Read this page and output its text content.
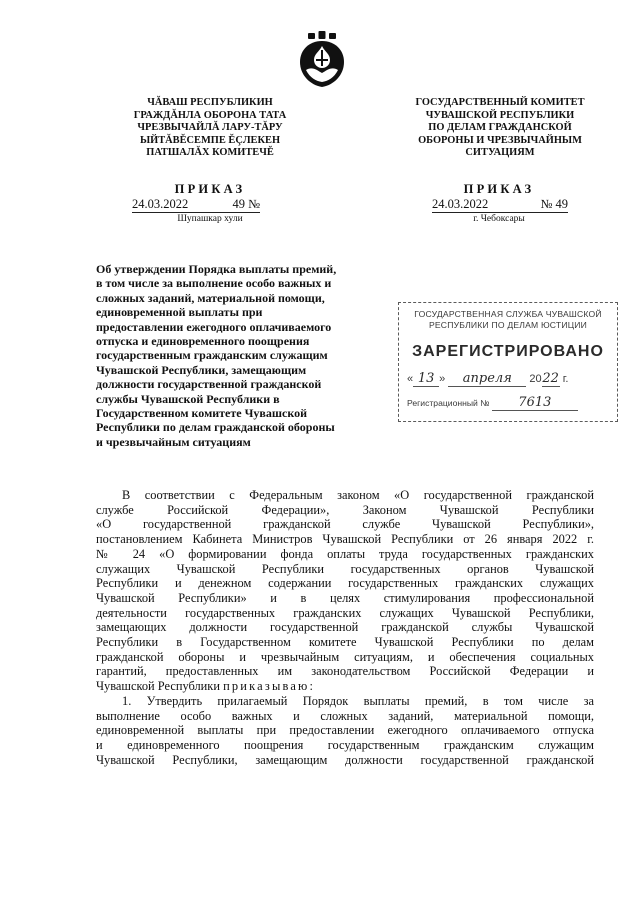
ЧĂВАШ РЕСПУБЛИКИН
ГРАЖДĂНЛА ОБОРОНА ТАТА
ЧРЕЗВЫЧАЙЛĂ ЛАРУ-ТĂРУ
ЫЙТĂВĔСЕМПЕ ĔÇЛЕКЕН
ПАТШАЛĂХ КОМИТЕЧĔ
ГОСУДАРСТВЕННЫЙ КОМИТЕТ
ЧУВАШСКОЙ РЕСПУБЛИКИ
ПО ДЕЛАМ ГРАЖДАНСКОЙ
ОБОРОНЫ И ЧРЕЗВЫЧАЙНЫМ
СИТУАЦИЯМ
ПРИКАЗ
24.03.2022	49 №
Шупашкар хули
ПРИКАЗ
24.03.2022	№ 49
г. Чебоксары
Об утверждении Порядка выплаты премий,
в том числе за выполнение особо важных и
сложных заданий, материальной помощи,
единовременной выплаты при
предоставлении ежегодного оплачиваемого
отпуска и единовременного поощрения
государственным гражданским служащим
Чувашской Республики, замещающим
должности государственной гражданской
службы Чувашской Республики в
Государственном комитете Чувашской
Республики по делам гражданской обороны
и чрезвычайным ситуациям
ГОСУДАРСТВЕННАЯ СЛУЖБА ЧУВАШСКОЙ
РЕСПУБЛИКИ ПО ДЕЛАМ ЮСТИЦИИ
ЗАРЕГИСТРИРОВАНО
« 13 » апреля 2022 г.
Регистрационный № 7613

В соответствии с Федеральным законом «О государственной гражданской

службе Российской Федерации», Законом Чувашской Республики

«О государственной гражданской службе Чувашской Республики»,

постановлением Кабинета Министров Чувашской Республики от 26 января 2022 г.

№ 24 «О формировании фонда оплаты труда государственных гражданских

служащих Чувашской Республики государственных органов Чувашской

Республики и денежном содержании государственных гражданских служащих

Чувашской Республики» и в целях стимулирования профессиональной

деятельности государственных гражданских служащих Чувашской Республики,

замещающих должности государственной гражданской службы Чувашской

Республики в Государственном комитете Чувашской Республики по делам

гражданской обороны и чрезвычайным ситуациям, и обеспечения социальных

гарантий, предоставленных им законодательством Российской Федерации и

Чувашской Республики приказываю:

1. Утвердить прилагаемый Порядок выплаты премий, в том числе за

выполнение особо важных и сложных заданий, материальной помощи,

единовременной выплаты при предоставлении ежегодного оплачиваемого отпуска

и единовременного поощрения государственным гражданским служащим

Чувашской Республики, замещающим должности государственной гражданской
